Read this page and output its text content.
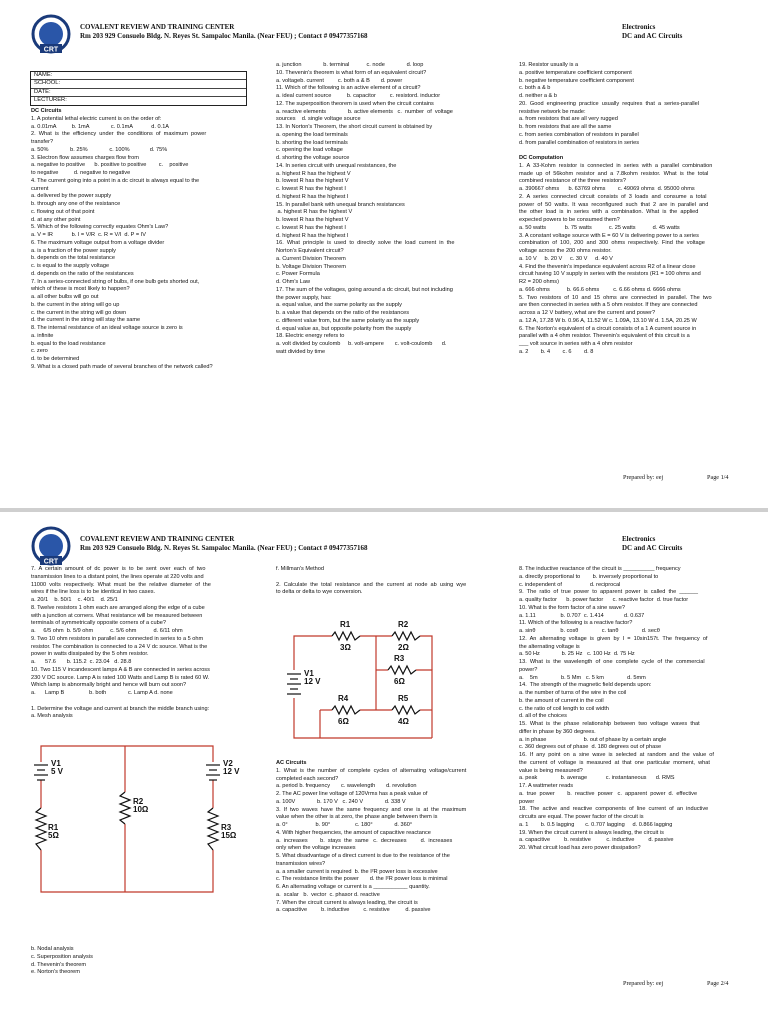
CRT
COVALENT REVIEW AND TRAINING CENTER
Rm 203 929 Consuelo Bldg. N. Reyes St. Sampaloc Manila. (Near FEU) ; Contact # 09477357168
Electronics
DC and AC Circuits
NAME:
SCHOOL:
DATE:
LECTURER:
DC Circuits
1. A potential lethal electric current is on the order of:
a. 0.01mA          b. 1mA              c. 0.1mA            d. 0.1A
2.  What  is  the  efficiency  under  the  conditions  of  maximum  power
transfer?
a. 50%              b. 25%              c. 100%             d. 75%
3. Electron flow assumes charges flow from
a. negative to positive      b. positive to positive        c.    positive
to negative          d. negative to negative
4. The current going into a point in a dc circuit is always equal to the
current
a. delivered by the power supply
b. through any one of the resistance
c. flowing out of that point
d. at any other point
5. Which of the following correctly equates Ohm's Law?
a. V = IR            b. I = V/R  c. R = V/I  d. P = IV
6. The maximum voltage output from a voltage divider
a. is a fraction of the power supply
b. depends on the total resistance
c. is equal to the supply voltage
d. depends on the ratio of the resistances
7. In a series-connected string of bulbs, if one bulb gets shorted out,
which of these is most likely to happen?
a. all other bulbs will go out
b. the current in the string will go up
c. the current in the string will go down
d. the current in the string will stay the same
8. The internal resistance of an ideal voltage source is zero is
a. infinite
b. equal to the load resistance
c. zero
d. to be determined
9. What is a closed path made of several branches of the network called?
a. junction              b. terminal           c. node              d. loop
10. Thevenin's theorem is what form of an equivalent circuit?
a. voltageb. current         c. both a & B       d. power
11. Which of the following is an active element of a circuit?
a. ideal current source          b. capacitor         c. resistord. inductor
12. The superposition theorem is used when the circuit contains
a. reactive elements              b. active elements   c.  number  of  voltage
sources    d. single voltage source
13. In Norton's Theorem, the short circuit current is obtained by
a. opening the load terminals
b. shorting the load terminals
c. opening the load voltage
d. shorting the voltage source
14. In series circuit with unequal resistances, the
a. highest R has the highest V
b. lowest R has the highest V
c. lowest R has the highest I
d. highest R has the highest I
15. In parallel bank with unequal branch resistances
a. highest R has the highest V
b. lowest R has the highest V
c. lowest R has the highest I
d. highest R has the highest I
16.  What  principle  is  used  to  directly  solve  the  load  current  in  the
Norton's Equivalent circuit?
a. Current Division Theorem
b. Voltage Division Theorem
c. Power Formula
d. Ohm's Law
17. The sum of the voltages, going around a dc circuit, but not including
the power supply, has:
a. equal value, and the same polarity as the supply
b. a value that depends on the ratio of the resistances
c. different value from, but the same polarity as the supply
d. equal value as, but opposite polarity from the supply
18. Electric energy refers to
a. volt divided by coulomb     b. volt-ampere       c. volt-coulomb      d.
watt divided by time
19. Resistor usually is a
a. positive temperature coefficient component
b. negative temperature coefficient component
c. both a & b
d. neither a & b
20.  Good  engineering  practice  usually  requires  that  a  series-parallel
resistive network be made:
a. from resistors that are all very rugged
b. from resistors that are all the same
c. from series combination of resistors in parallel
d. from parallel combination of resistors in series

DC Computation
1.  A  33-Kohm  resistor  is  connected  in  series  with  a  parallel  combination
made  up  of  56kohm  resistor  and  a  7.8kohm  resistor.  What  is  the  total
combined resistance of the three resistors?
a. 390667 ohms      b. 63769 ohms        c. 49069 ohms  d. 95000 ohms
2.  A  series  connected  circuit  consists  of  3  loads  and  consume  a  total
power  of  50  watts.  It  was  reconfigured  such  that  2  are  in  parallel  and
the  other  load  is  in  series  with  a  combination.  What  is  the  applied
expected powers to be consumed them?
a. 50 watts            b. 75 watts           c. 25 watts           d. 45 watts
3. A constant voltage source with E = 60 V is delivering power to a series
combination  of  100,  200  and  300  ohms  respectively.  Find  the  voltage
voltage across the 200 ohms resistor.
a. 10 V     b. 20 V     c. 30 V     d. 40 V
4. Find the thevenin's impedance equivalent across R2 of a linear close
circuit having 10 V supply in series with the resistors (R1 = 100 ohms and
R2 = 200 ohms)
a. 666 ohms           b. 66.6 ohms         c. 6.66 ohms d. 6666 ohms
5.  Two  resistors  of  10  and  15  ohms  are  connected  in  parallel.  The  two
are then connected in series with a 5 ohm resistor. If they are connected
across a 12 V battery, what are the current and power?
a. 12 A, 17.28 W b. 0.96 A, 11.52 W c. 1.09A, 13.10 W d. 1.5A, 20.25 W
6. The Norton's equivalent of a circuit consists of a 1 A current source in
parallel with a 4 ohm resistor. Thevenin's equivalent of this circuit is a
___ volt source in series with a 4 ohm resistor
a. 2        b. 4        c. 6        d. 8
Prepared by: eej	Page 1/4
CRT
COVALENT REVIEW AND TRAINING CENTER
Rm 203 929 Consuelo Bldg. N. Reyes St. Sampaloc Manila. (Near FEU) ; Contact # 09477357168
Electronics
DC and AC Circuits
7.  A  certain  amount  of  dc  power  is  to  be  sent  over  each  of  two
transmission lines to a distant point, the lines operate at 220 volts and
11000  volts  respectively.  What  must  be  the  relative  diameter  of  the
wires if the line loss is to be identical in two cases.
a. 20/1    b. 50/1    c. 40/1    d. 25/1
8. Twelve resistors 1 ohm each are arranged along the edge of a cube
with a junction at corners. What resistance will be measured between
terminals of symmetrically opposite corners of a cube?
a.     6/5 ohm  b. 5/9 ohm           c. 5/6 ohm           d. 6/11 ohm
9. Two 10 ohm resistors in parallel are connected in series to a 5 ohm
resistor. The combination is connected to a 24 V dc source. What is the
power in watts dissipated by the 5 ohm resistor.
a.      57.6       b. 115.2  c. 23.04   d. 28.8
10. Two 115 V incandescent lamps A & B are connected in series across
230 V DC source. Lamp A is rated 100 Watts and Lamp B is rated 60 W.
Which lamp is abnormally bright and hence will burn out soon?
a.      Lamp B                b. both              c. Lamp A d. none

1. Determine the voltage and current at branch the middle branch using:
a. Mesh analysis
V1
5 V
V2
12 V
R2
10Ω
R1
5Ω
R3
15Ω
b. Nodal analysis
c. Superposition analysis
d. Thevenin's theorem
e. Norton's theorem
f. Millman's Method

2.  Calculate  the  total  resistance  and  the  current  at  node  ab  using  wye
to delta or delta to wye conversion.
V1
12 V
R1
3Ω
R2
2Ω
R3
6Ω
R4
6Ω
R5
4Ω
AC Circuits
1.  What  is  the  number  of  complete  cycles  of  alternating  voltage/current
completed each second?
a. period b. frequency       c. wavelength       d. revolution
2. The AC power line voltage of 120Vrms has a peak value of
a. 100V              b. 170 V   c. 240 V              d. 338 V
3.  If  two  waves  have  the  same  frequency  and  one  is  at  the  maximum
value when the other is at zero, the phase angle between them is
a. 0°                  b. 90°                c. 180°              d. 360°
4. With higher frequencies, the amount of capacitive reactance
a.  increases        b.  stays  the  same   c.  decreases         d.  increases
only when the voltage increases
5. What disadvantage of a direct current is due to the resistance of the
transmission wires?
a. a smaller current is required  b. the I²R power loss is excessive
c. The resistance limits the power       d. the I²R power loss is minimal
6. An alternating voltage or current is a ___________ quantity.
a.  scalar   b.  vector  c. phasor d. reactive
7. When the circuit current is always leading, the circuit is
a. capacitive         b. inductive         c. resistive          d. passive
8. The inductive reactance of the circuit is __________ frequency
a. directly proportional to        b. inversely proportional to
c. independent of                  d. reciprocal
9.  The  ratio  of  true  power  to  apparent  power  is  called  the  ______
a. quality factor      b. power factor      c. reactive factor  d. true factor
10. What is the form factor of a sine wave?
a. 1.11                b. 0.707  c. 1.414             d. 0.637
11. Which of the following is a reactive factor?
a. sinθ                b. cosθ               c. tanθ               d. secθ
12.  An  alternating  voltage  is  given  by  I  =  10sin157t.  The  frequency  of
the alternating voltage is
a. 50 Hz              b. 25 Hz   c. 100 Hz  d. 75 Hz
13.  What  is  the  wavelength  of  one  complete  cycle  of  the  commercial
power?
a.    5m               b. 5 Mm   c. 5 km               d. 5mm
14.  The strength of the magnetic field depends upon:
a. the number of turns of the wire in the coil
b. the amount of current in the coil
c. the ratio of coil length to coil width
d. all of the choices
15.  What  is  the  phase  relationship  between  two  voltage  waves  that
differ in phase by 360 degrees.
a. in phase                        b. out of phase by a certain angle
c. 360 degrees out of phase  d. 180 degrees out of phase
16.  If  any  point  on  a  sine  wave  is  selected  at  random  and  the  value  of
the  current  of  voltage  is  measured  at  that  one  particular  moment,  what
value is being measured?
a. peak               b. average            c. instantaneous      d. RMS
17. A wattmeter reads
a.  true  power        b.  reactive  power   c.  apparent  power  d.  effective
power
18.  The  active  and  reactive  components  of  line  current  of  an  inductive
circuits are equal. The power factor of the circuit is
a. 1        b. 0.5 lagging       c. 0.707 lagging     d. 0.866 lagging
19. When the circuit current is always leading, the circuit is
a. capacitive         b. resistive          c. inductive         d. passive
20. What circuit load has zero power dissipation?
Prepared by: eej	Page 2/4
